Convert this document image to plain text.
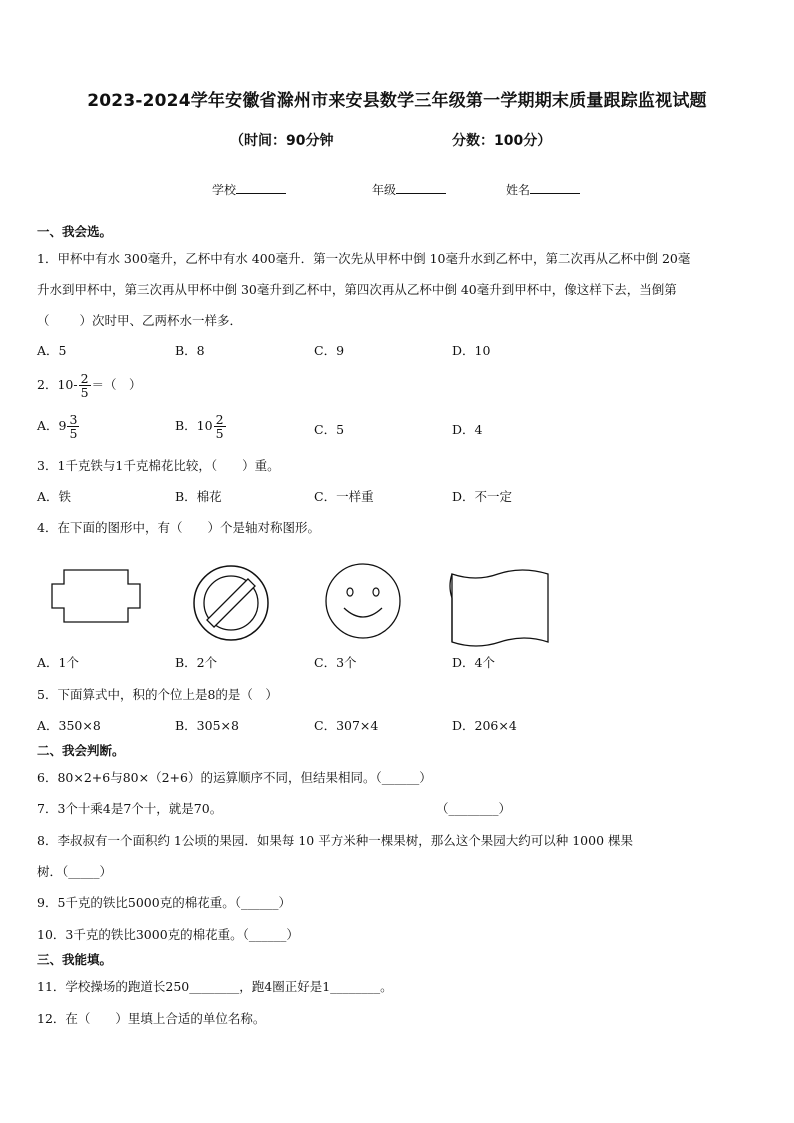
2023-2024学年安徽省滁州市来安县数学三年级第一学期期末质量跟踪监视试题
（时间：90分钟	分数：100分）
学校	年级	姓名
一、我会选。
1．甲杯中有水 300毫升，乙杯中有水 400毫升．第一次先从甲杯中倒 10毫升水到乙杯中，第二次再从乙杯中倒 20毫
升水到甲杯中，第三次再从甲杯中倒 30毫升到乙杯中，第四次再从乙杯中倒 40毫升到甲杯中，像这样下去，当倒第
（ ）次时甲、乙两杯水一样多．
A．5	B．8	C．9	D．10
2．$10- \frac{2}{5}$ ＝（　）
A．$9 \frac{3}{5}$	B．$10 \frac{2}{5}$	C．5	D．4
3．1千克铁与1千克棉花比较，（　　）重。
A．铁	B．棉花	C．一样重	D．不一定
4．在下面的图形中，有（　　）个是轴对称图形。
A．1个	B．2个	C．3个	D．4个
5．下面算式中，积的个位上是8的是（　）
A．350×8	B．305×8	C．307×4	D．206×4
二、我会判断。
6．80×2+6与80×（2+6）的运算顺序不同，但结果相同。（______）
7．3个十乘4是7个十，就是70。	（________）
8．李叔叔有一个面积约 1公顷的果园．如果每 10 平方米种一棵果树，那么这个果园大约可以种 1000 棵果
树．（_____）
9．5千克的铁比5000克的棉花重。（______）
10．3千克的铁比3000克的棉花重。（______）
三、我能填。
11．学校操场的跑道长250________，跑4圈正好是1________。
12．在（　　）里填上合适的单位名称。
